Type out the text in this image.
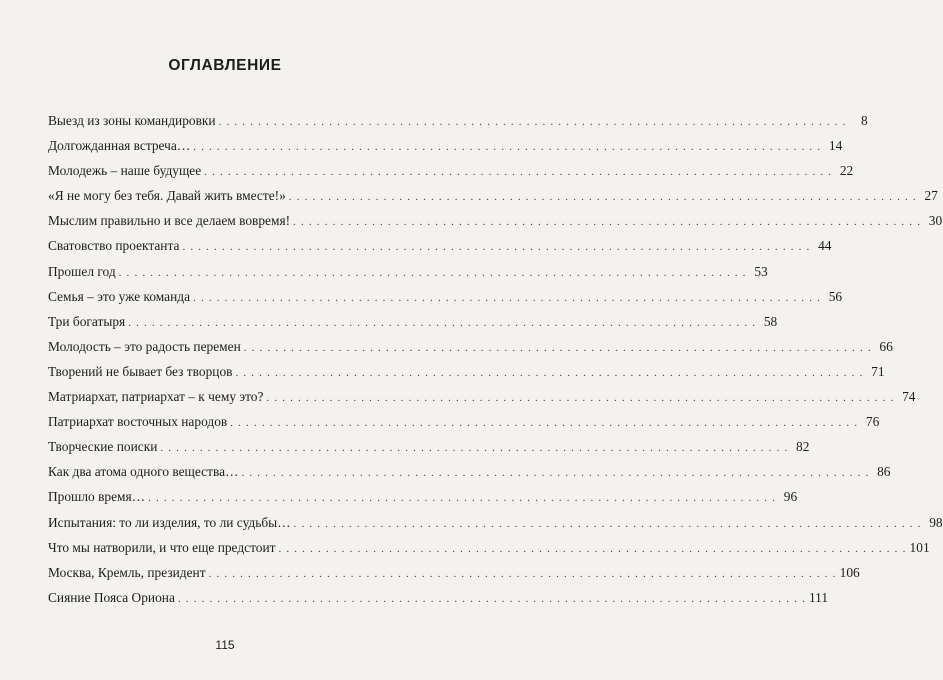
ОГЛАВЛЕНИЕ
Выезд из зоны командировки . . . . . . . . . . . . . . . . . . . . . . . . . . . . . . . . . . . . . . . . . . . . . . . . . . . . . . . . . . . . . . . . . . . . . . . . . . . . . . . .	8
Долгожданная встреча… . . . . . . . . . . . . . . . . . . . . . . . . . . . . . . . . . . . . . . . . . . . . . . . . . . . . . . . . . . . . . . . . . . . . . . . . . . . . . . . . 14
Молодежь – наше будущее . . . . . . . . . . . . . . . . . . . . . . . . . . . . . . . . . . . . . . . . . . . . . . . . . . . . . . . . . . . . . . . . . . . . . . . . . . . . . . . . 22
«Я не могу без тебя. Давай жить вместе!» . . . . . . . . . . . . . . . . . . . . . . . . . . . . . . . . . . . . . . . . . . . . . . . . . . . . . . . . . . . . . . . . . . . . . . . . . . . . . . . . 27
Мыслим правильно и все делаем вовремя! . . . . . . . . . . . . . . . . . . . . . . . . . . . . . . . . . . . . . . . . . . . . . . . . . . . . . . . . . . . . . . . . . . . . . . . . . . . . . . . . 30
Сватовство проектанта . . . . . . . . . . . . . . . . . . . . . . . . . . . . . . . . . . . . . . . . . . . . . . . . . . . . . . . . . . . . . . . . . . . . . . . . . . . . . . . . 44
Прошел год . . . . . . . . . . . . . . . . . . . . . . . . . . . . . . . . . . . . . . . . . . . . . . . . . . . . . . . . . . . . . . . . . . . . . . . . . . . . . . . . 53
Семья – это уже команда . . . . . . . . . . . . . . . . . . . . . . . . . . . . . . . . . . . . . . . . . . . . . . . . . . . . . . . . . . . . . . . . . . . . . . . . . . . . . . . . 56
Три богатыря . . . . . . . . . . . . . . . . . . . . . . . . . . . . . . . . . . . . . . . . . . . . . . . . . . . . . . . . . . . . . . . . . . . . . . . . . . . . . . . . 58
Молодость – это радость перемен . . . . . . . . . . . . . . . . . . . . . . . . . . . . . . . . . . . . . . . . . . . . . . . . . . . . . . . . . . . . . . . . . . . . . . . . . . . . . . . . 66
Творений не бывает без творцов . . . . . . . . . . . . . . . . . . . . . . . . . . . . . . . . . . . . . . . . . . . . . . . . . . . . . . . . . . . . . . . . . . . . . . . . . . . . . . . . 71
Матриархат, патриархат – к чему это? . . . . . . . . . . . . . . . . . . . . . . . . . . . . . . . . . . . . . . . . . . . . . . . . . . . . . . . . . . . . . . . . . . . . . . . . . . . . . . . . 74
Патриархат восточных народов . . . . . . . . . . . . . . . . . . . . . . . . . . . . . . . . . . . . . . . . . . . . . . . . . . . . . . . . . . . . . . . . . . . . . . . . . . . . . . . . 76
Творческие поиски . . . . . . . . . . . . . . . . . . . . . . . . . . . . . . . . . . . . . . . . . . . . . . . . . . . . . . . . . . . . . . . . . . . . . . . . . . . . . . . . 82
Как два атома одного вещества… . . . . . . . . . . . . . . . . . . . . . . . . . . . . . . . . . . . . . . . . . . . . . . . . . . . . . . . . . . . . . . . . . . . . . . . . . . . . . . . . 86
Прошло время… . . . . . . . . . . . . . . . . . . . . . . . . . . . . . . . . . . . . . . . . . . . . . . . . . . . . . . . . . . . . . . . . . . . . . . . . . . . . . . . . 96
Испытания: то ли изделия, то ли судьбы… . . . . . . . . . . . . . . . . . . . . . . . . . . . . . . . . . . . . . . . . . . . . . . . . . . . . . . . . . . . . . . . . . . . . . . . . . . . . . . . . 98
Что мы натворили, и что еще предстоит . . . . . . . . . . . . . . . . . . . . . . . . . . . . . . . . . . . . . . . . . . . . . . . . . . . . . . . . . . . . . . . . . . . . . . . . . . . . . . . . 101
Москва, Кремль, президент . . . . . . . . . . . . . . . . . . . . . . . . . . . . . . . . . . . . . . . . . . . . . . . . . . . . . . . . . . . . . . . . . . . . . . . . . . . . . . . . 106
Сияние Пояса Ориона . . . . . . . . . . . . . . . . . . . . . . . . . . . . . . . . . . . . . . . . . . . . . . . . . . . . . . . . . . . . . . . . . . . . . . . . . . . . . . . . 111
115
